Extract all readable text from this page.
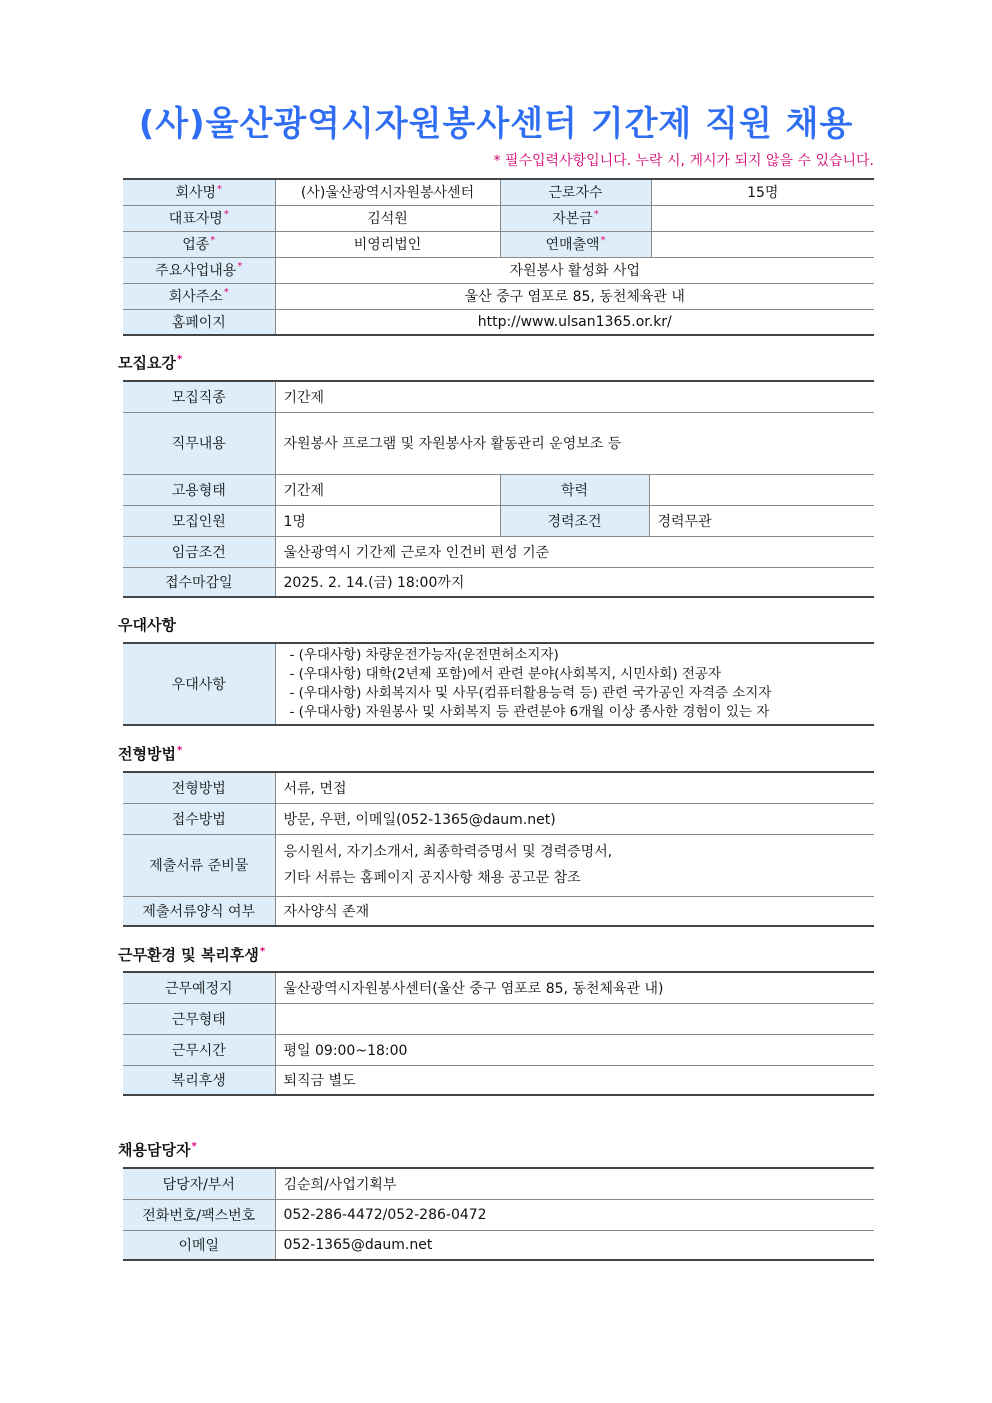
(사)울산광역시자원봉사센터 기간제 직원 채용
* 필수입력사항입니다. 누락 시, 게시가 되지 않을 수 있습니다.
회사명*	(사)울산광역시자원봉사센터	근로자수	15명
대표자명*	김석원	자본금*	
업종*	비영리법인	연매출액*	
주요사업내용*	자원봉사 활성화 사업		
회사주소*	울산 중구 염포로 85, 동천체육관 내		
홈페이지	http://www.ulsan1365.or.kr/		
모집요강*
모집직종	기간제		
직무내용	자원봉사 프로그램 및 자원봉사자 활동관리 운영보조 등		
고용형태	기간제	학력	
모집인원	1명	경력조건	경력무관
임금조건	울산광역시 기간제 근로자 인건비 편성 기준		
접수마감일	2025. 2. 14.(금) 18:00까지		
우대사항
우대사항	
- (우대사항) 차량운전가능자(운전면허소지자)
- (우대사항) 대학(2년제 포함)에서 관련 분야(사회복지, 시민사회) 전공자
- (우대사항) 사회복지사 및 사무(컴퓨터활용능력 등) 관련 국가공인 자격증 소지자
- (우대사항) 자원봉사 및 사회복지 등 관련분야 6개월 이상 종사한 경험이 있는 자
전형방법*
전형방법	서류, 면접
접수방법	방문, 우편, 이메일(052-1365@daum.net)
제출서류 준비물	응시원서, 자기소개서, 최종학력증명서 및 경력증명서,
기타 서류는 홈페이지 공지사항 채용 공고문 참조

제출서류양식 여부	자사양식 존재
근무환경 및 복리후생*
근무예정지	울산광역시자원봉사센터(울산 중구 염포로 85, 동천체육관 내)
근무형태	
근무시간	평일 09:00~18:00
복리후생	퇴직금 별도
채용담당자*
담당자/부서	김순희/사업기획부
전화번호/팩스번호	052-286-4472/052-286-0472
이메일	052-1365@daum.net
